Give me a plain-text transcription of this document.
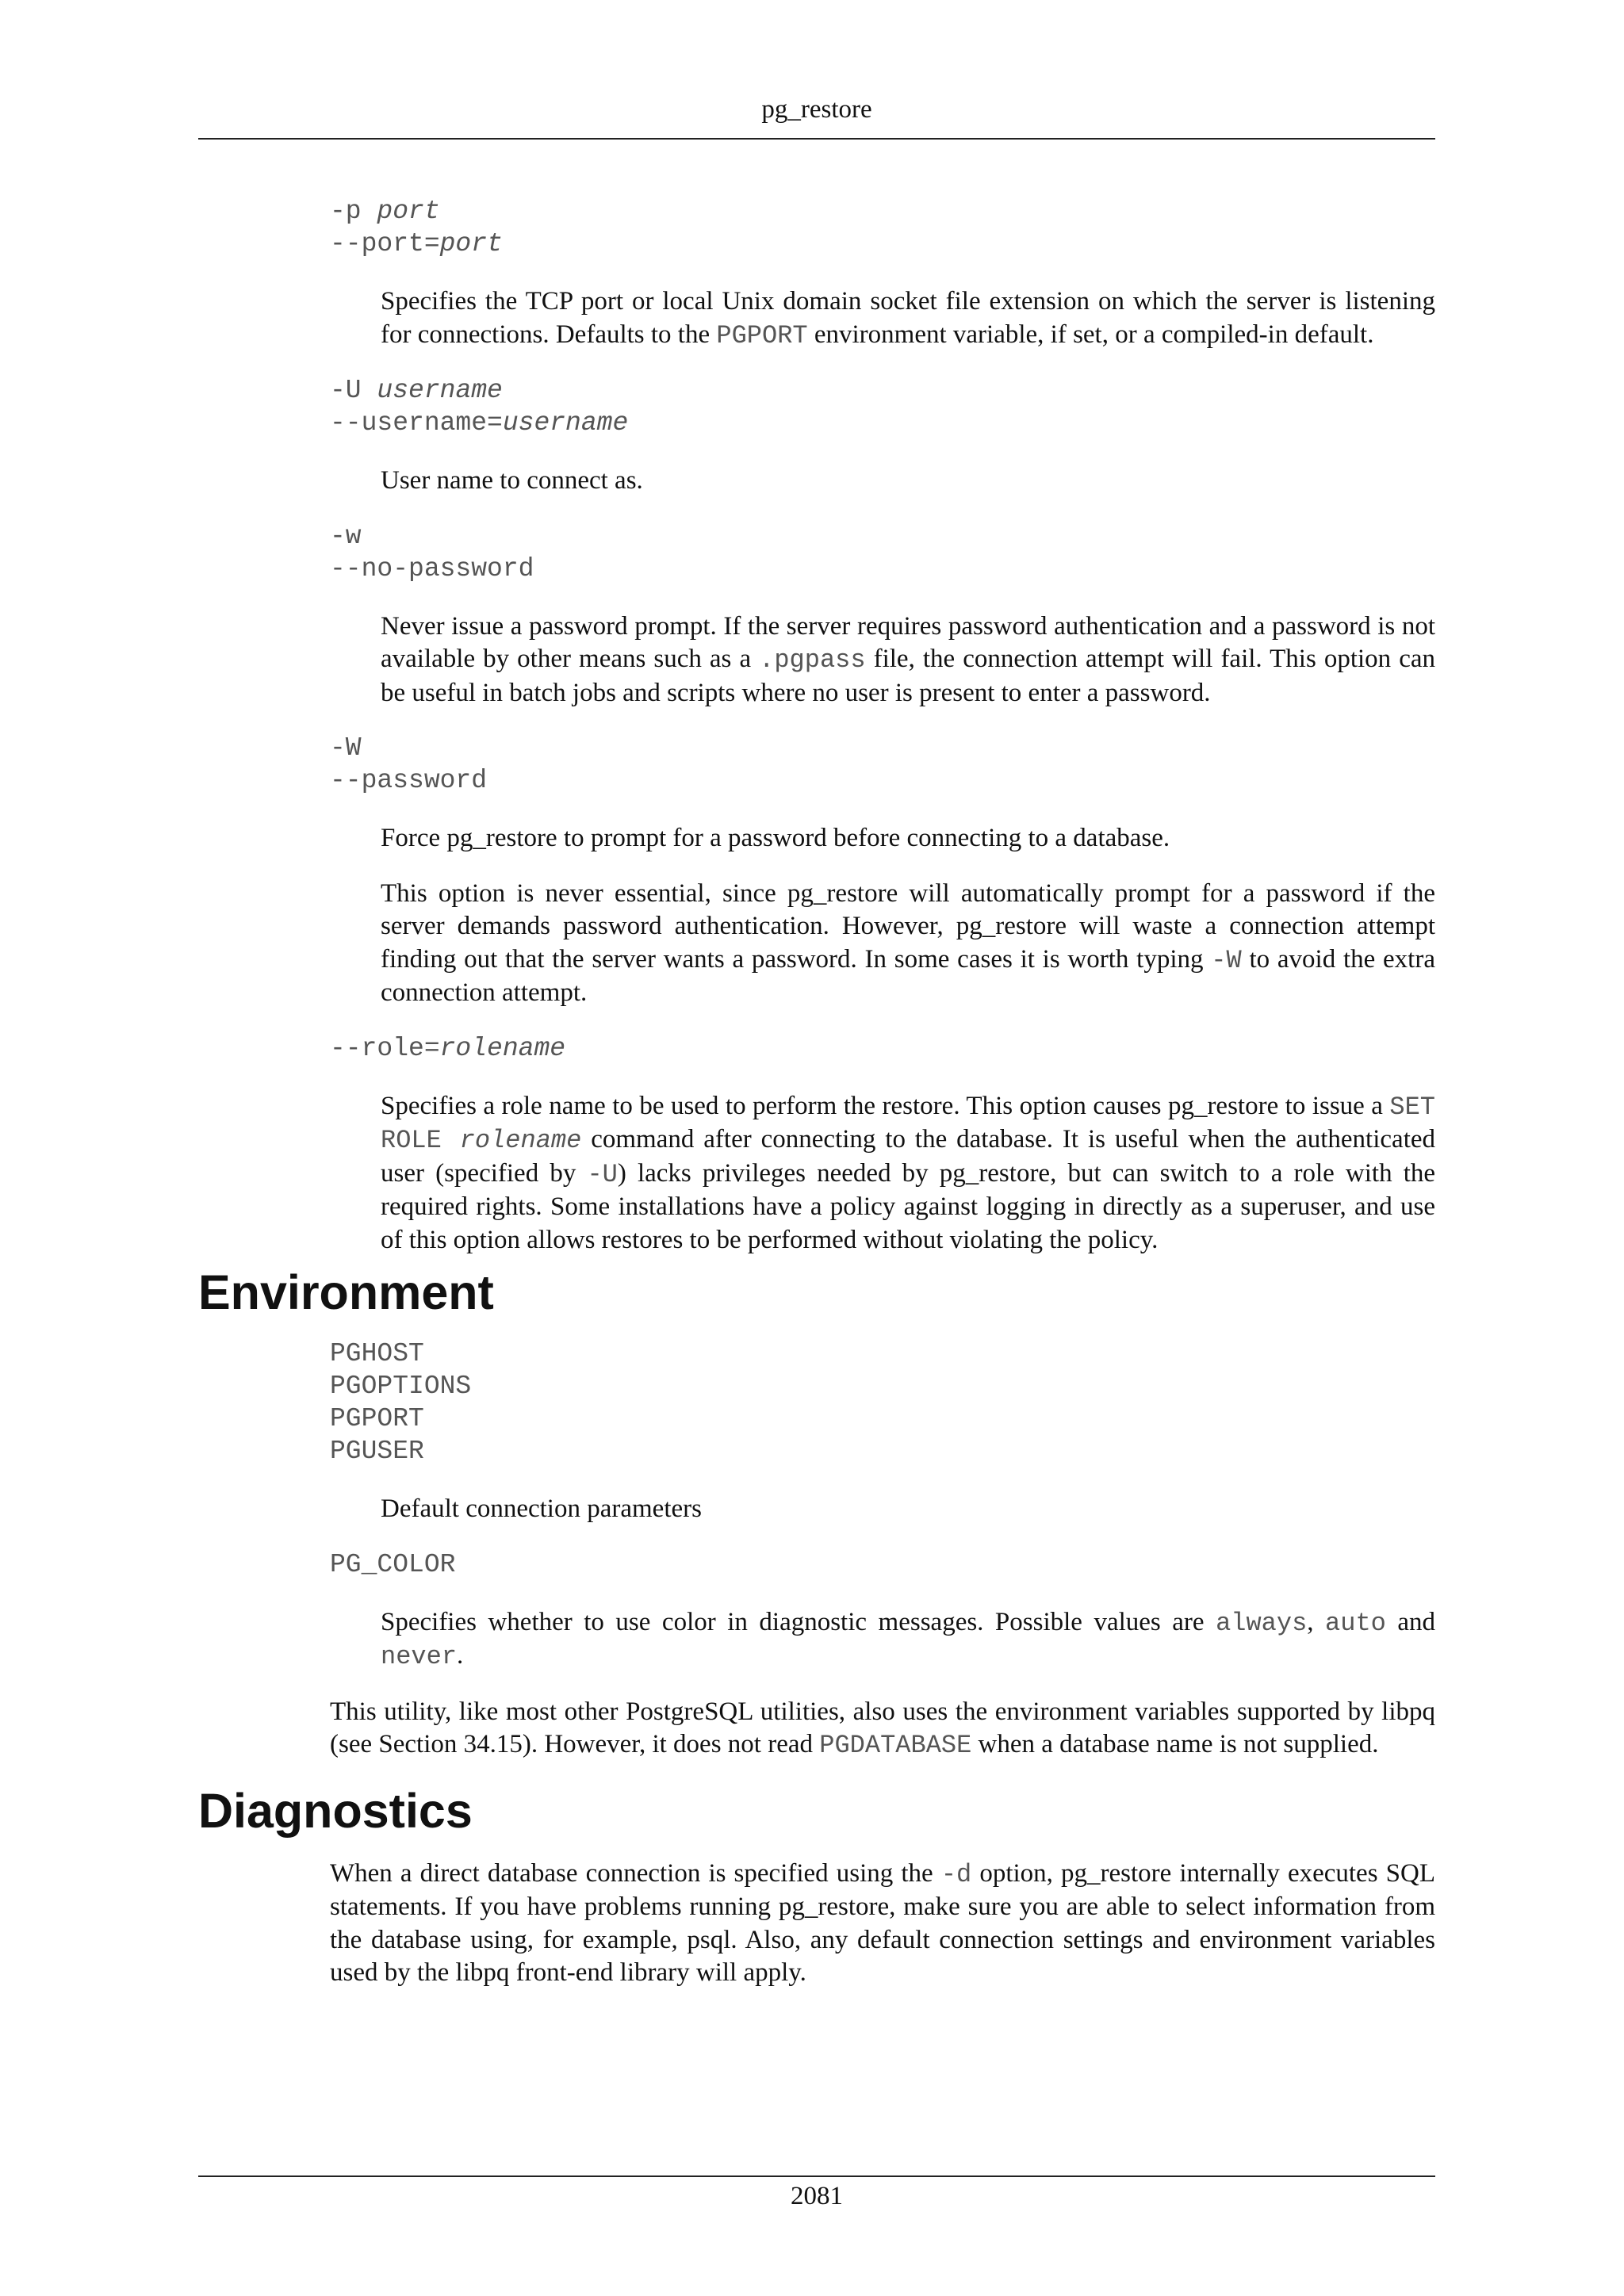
pg_restore
-p port
--port=port

Specifies the TCP port or local Unix domain socket file extension on which the server is listening for connections. Defaults to the PGPORT environment variable, if set, or a compiled-in default.

-U username
--username=username

User name to connect as.

-w
--no-password

Never issue a password prompt. If the server requires password authentication and a password is not available by other means such as a .pgpass file, the connection attempt will fail. This option can be useful in batch jobs and scripts where no user is present to enter a password.

-W
--password

Force pg_restore to prompt for a password before connecting to a database.

This option is never essential, since pg_restore will automatically prompt for a password if the server demands password authentication. However, pg_restore will waste a connection attempt finding out that the server wants a password. In some cases it is worth typing -W to avoid the extra connection attempt.

--role=rolename

Specifies a role name to be used to perform the restore. This option causes pg_restore to issue a SET ROLE rolename command after connecting to the database. It is useful when the authenticated user (specified by -U) lacks privileges needed by pg_restore, but can switch to a role with the required rights. Some installations have a policy against logging in directly as a superuser, and use of this option allows restores to be performed without violating the policy.

Environment
PGHOST
PGOPTIONS
PGPORT
PGUSER

Default connection parameters

PG_COLOR

Specifies whether to use color in diagnostic messages. Possible values are always, auto and never.

This utility, like most other PostgreSQL utilities, also uses the environment variables supported by libpq (see Section 34.15). However, it does not read PGDATABASE when a database name is not supplied.
Diagnostics
When a direct database connection is specified using the -d option, pg_restore internally executes SQL statements. If you have problems running pg_restore, make sure you are able to select information from the database using, for example, psql. Also, any default connection settings and environment variables used by the libpq front-end library will apply.
2081
